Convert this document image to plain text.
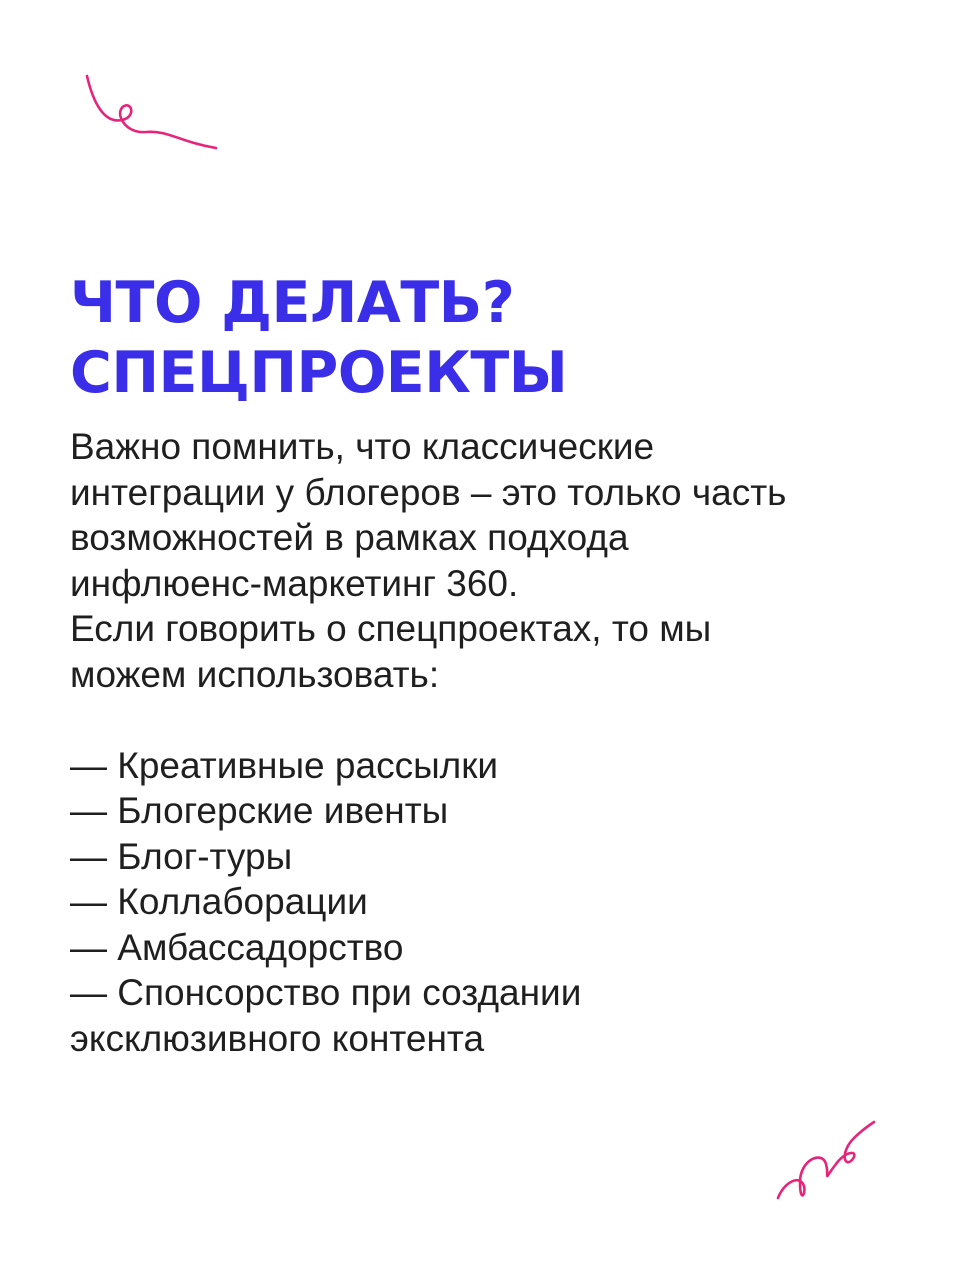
ЧТО ДЕЛАТЬ?
СПЕЦПРОЕКТЫ
Важно помнить, что классические
интеграции у блогеров – это только часть
возможностей в рамках подхода
инфлюенс-маркетинг 360.
Если говорить о спецпроектах, то мы
можем использовать:
— Креативные рассылки
— Блогерские ивенты
— Блог-туры
— Коллаборации
— Амбассадорство
— Спонсорство при создании
эксклюзивного контента
